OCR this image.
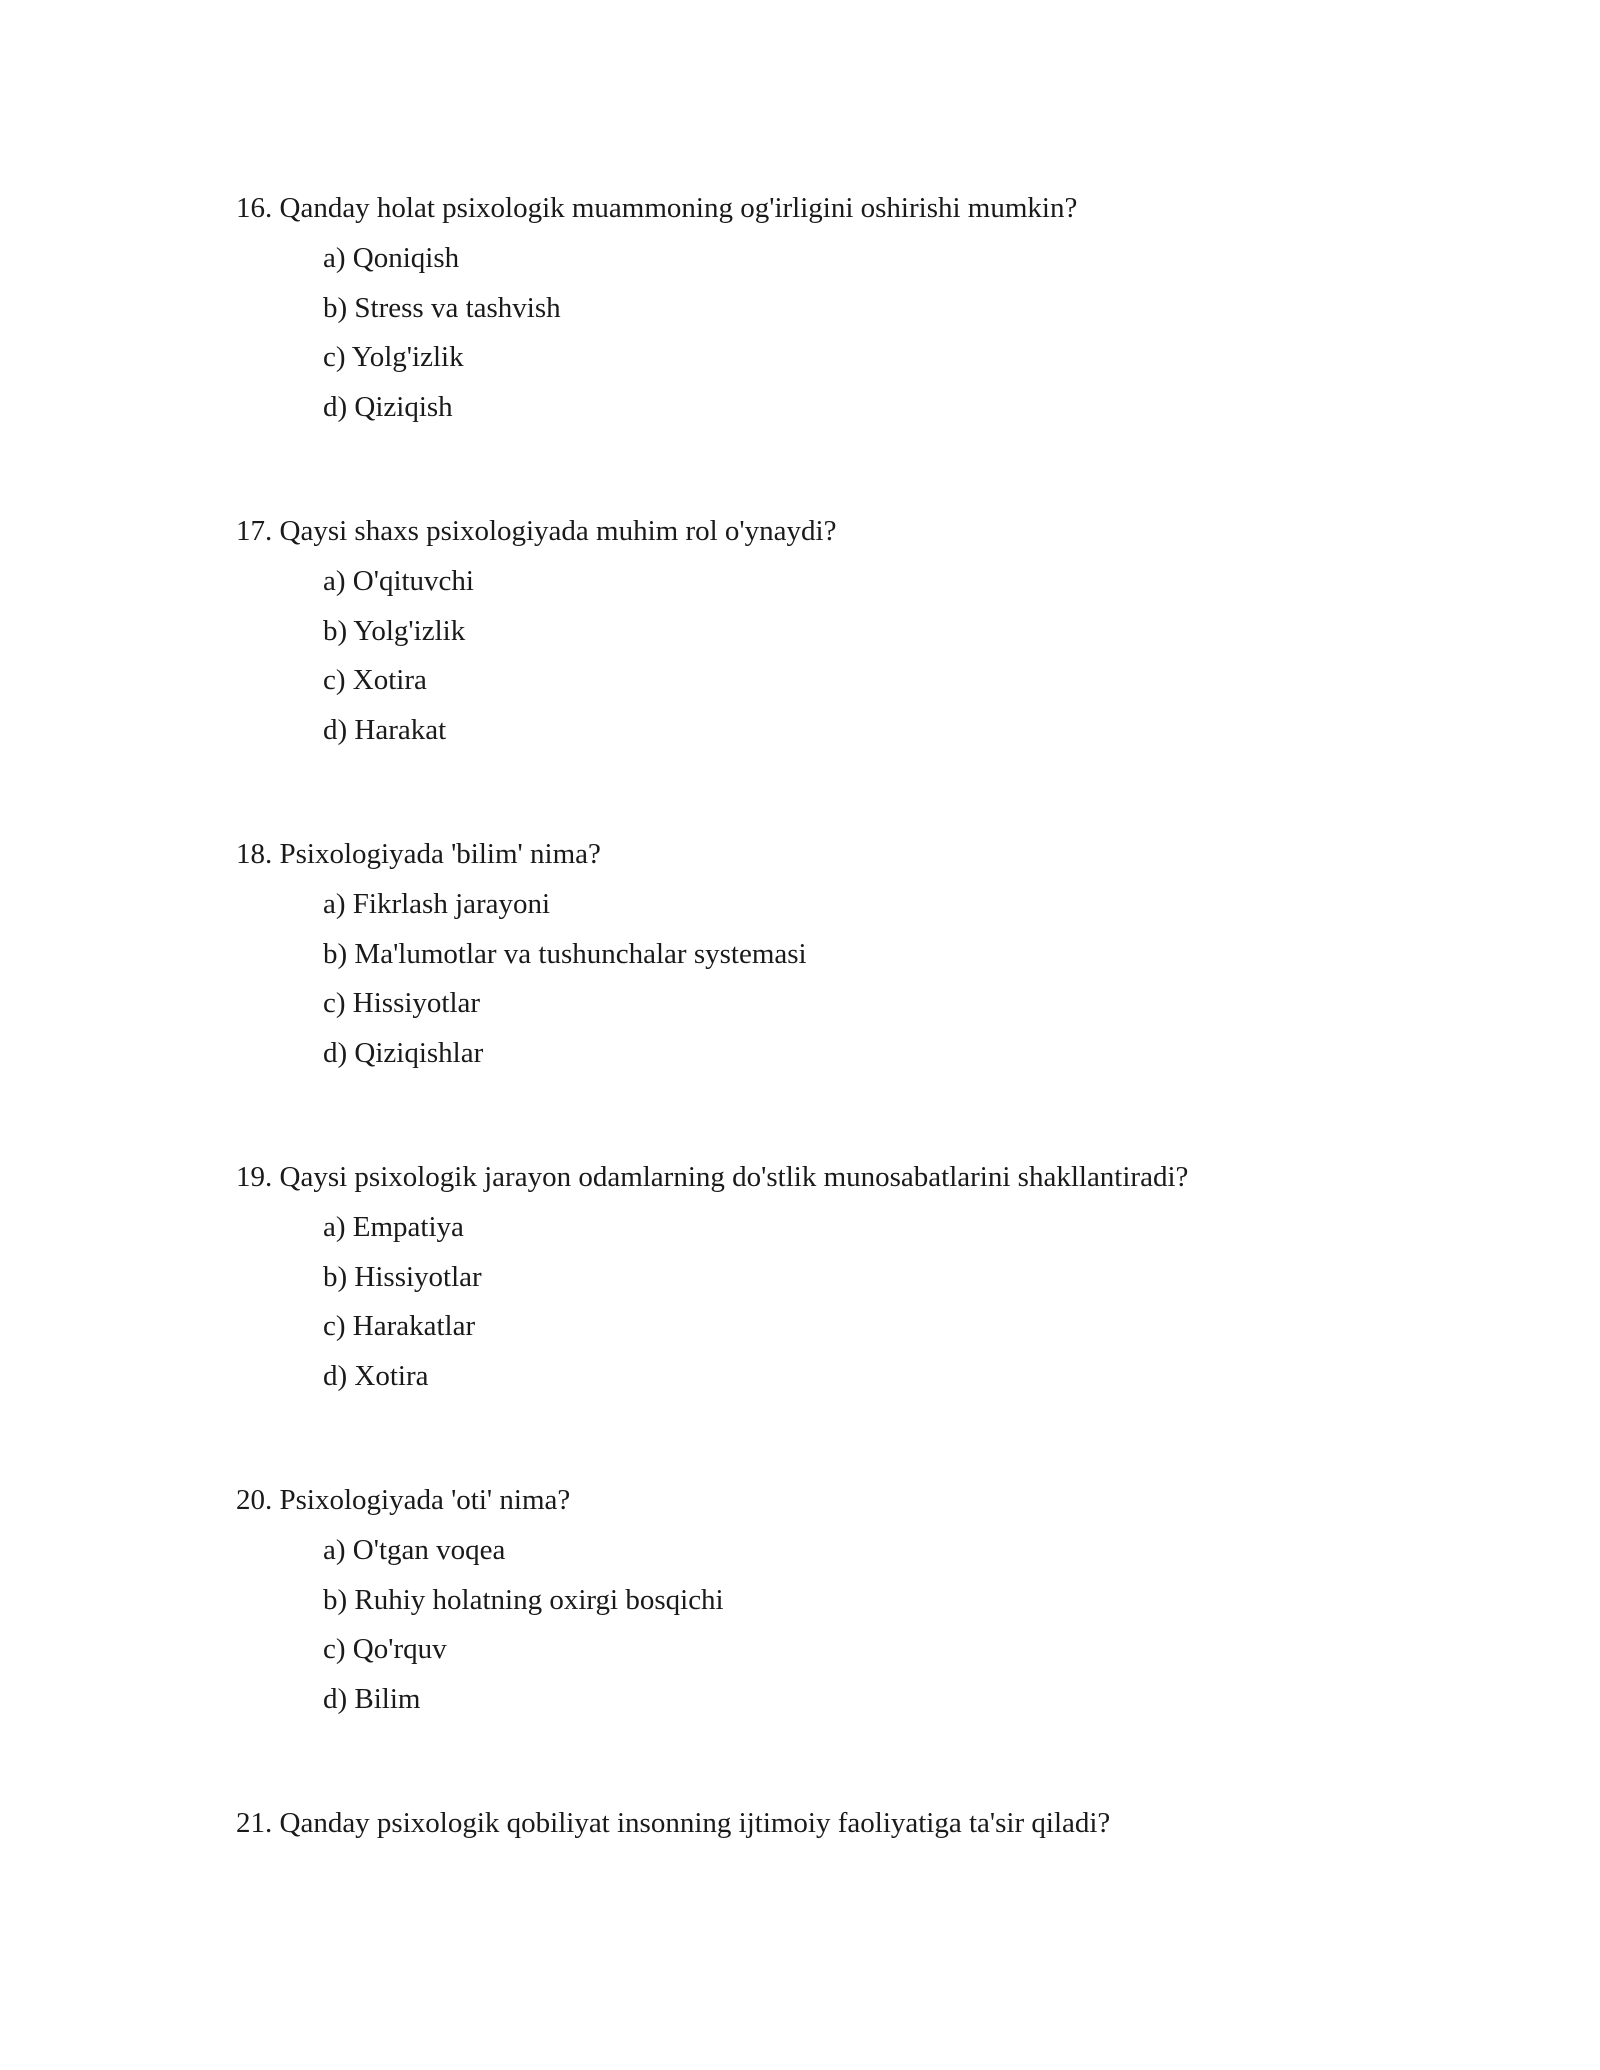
16. Qanday holat psixologik muammoning og'irligini oshirishi mumkin?

a) Qoniqish
b) Stress va tashvish
c) Yolg'izlik
d) Qiziqish

17. Qaysi shaxs psixologiyada muhim rol o'ynaydi?

a) O'qituvchi
b) Yolg'izlik
c) Xotira
d) Harakat

18. Psixologiyada 'bilim' nima?

a) Fikrlash jarayoni
b) Ma'lumotlar va tushunchalar systemasi
c) Hissiyotlar
d) Qiziqishlar

19. Qaysi psixologik jarayon odamlarning do'stlik munosabatlarini shakllantiradi?

a) Empatiya
b) Hissiyotlar
c) Harakatlar
d) Xotira

20. Psixologiyada 'oti' nima?

a) O'tgan voqea
b) Ruhiy holatning oxirgi bosqichi
c) Qo'rquv
d) Bilim

21. Qanday psixologik qobiliyat insonning ijtimoiy faoliyatiga ta'sir qiladi?
